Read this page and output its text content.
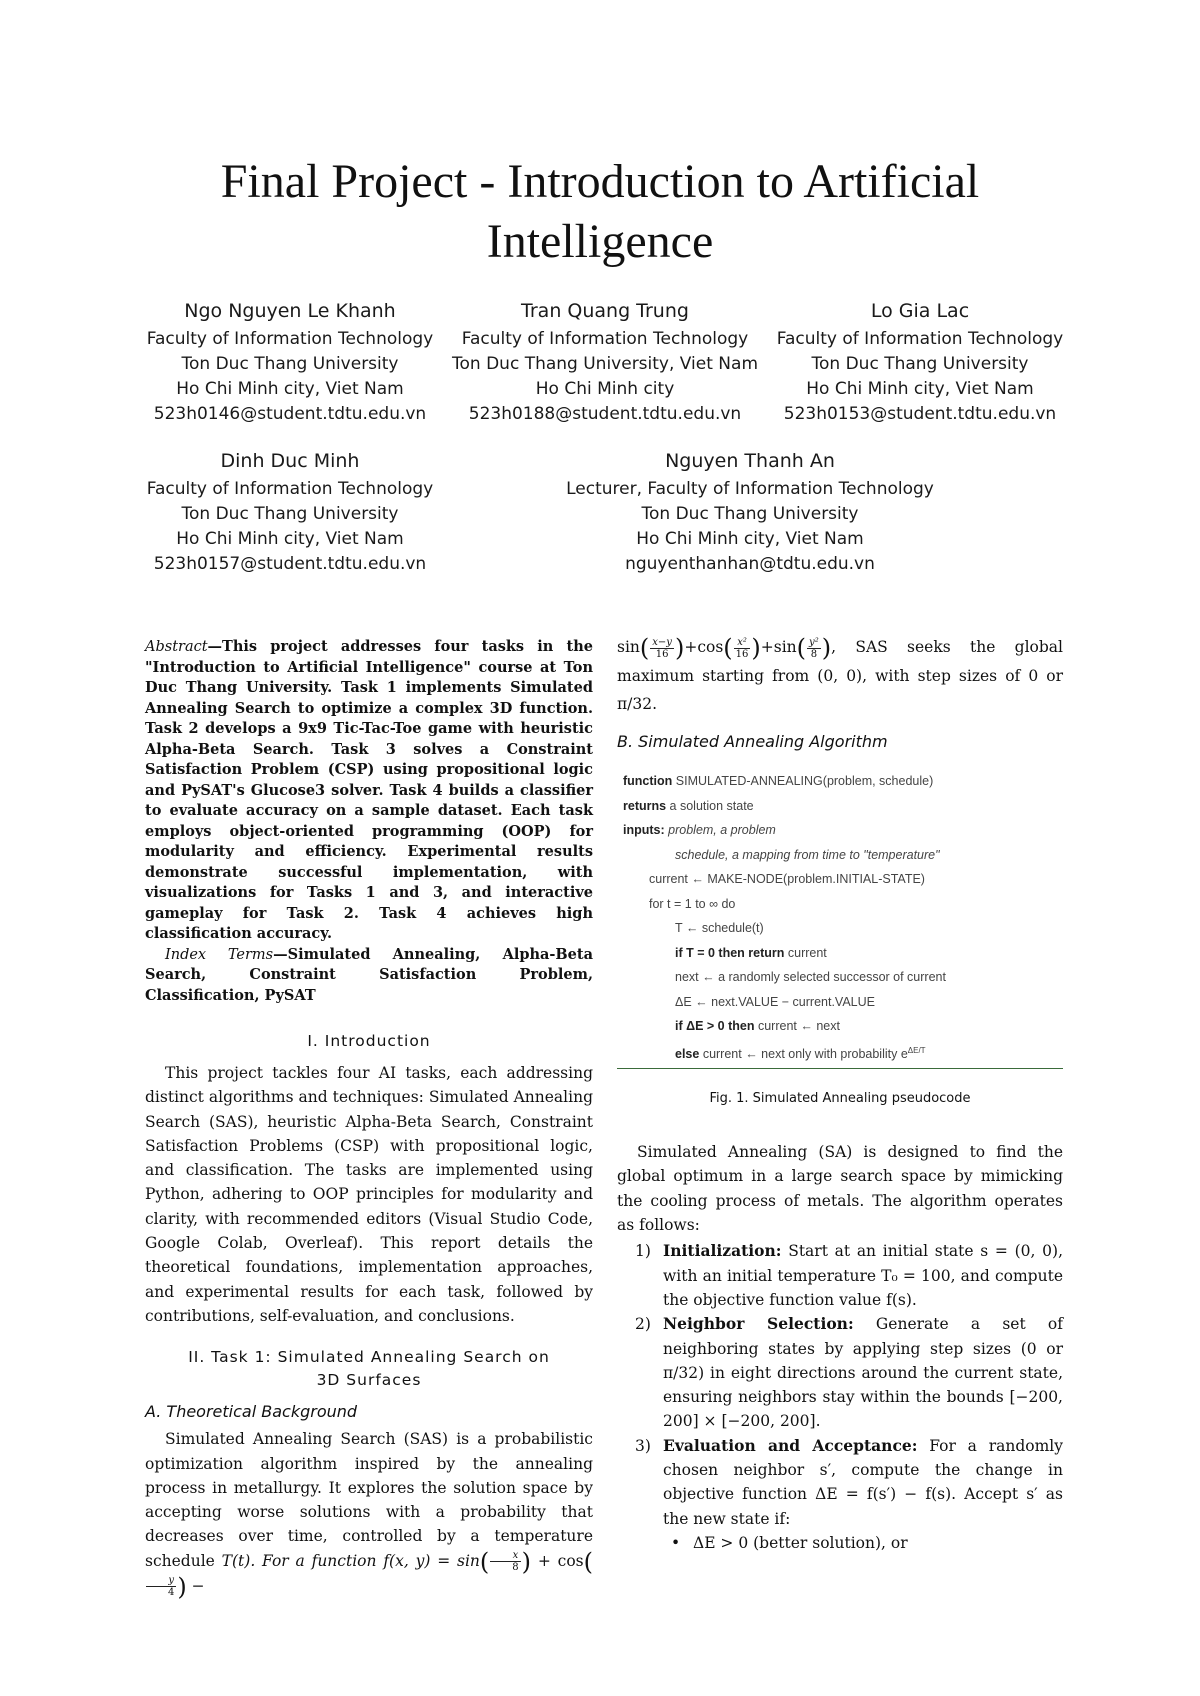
Final Project - Introduction to Artificial
Intelligence
Ngo Nguyen Le Khanh
Faculty of Information Technology
Ton Duc Thang University
Ho Chi Minh city, Viet Nam
523h0146@student.tdtu.edu.vn
Tran Quang Trung
Faculty of Information Technology
Ton Duc Thang University, Viet Nam
Ho Chi Minh city
523h0188@student.tdtu.edu.vn
Lo Gia Lac
Faculty of Information Technology
Ton Duc Thang University
Ho Chi Minh city, Viet Nam
523h0153@student.tdtu.edu.vn
Dinh Duc Minh
Faculty of Information Technology
Ton Duc Thang University
Ho Chi Minh city, Viet Nam
523h0157@student.tdtu.edu.vn
Nguyen Thanh An
Lecturer, Faculty of Information Technology
Ton Duc Thang University
Ho Chi Minh city, Viet Nam
nguyenthanhan@tdtu.edu.vn
Abstract—This project addresses four tasks in the "Introduction to Artificial Intelligence" course at Ton Duc Thang University. Task 1 implements Simulated Annealing Search to optimize a complex 3D function. Task 2 develops a 9x9 Tic-Tac-Toe game with heuristic Alpha-Beta Search. Task 3 solves a Constraint Satisfaction Problem (CSP) using propositional logic and PySAT's Glucose3 solver. Task 4 builds a classifier to evaluate accuracy on a sample dataset. Each task employs object-oriented programming (OOP) for modularity and efficiency. Experimental results demonstrate successful implementation, with visualizations for Tasks 1 and 3, and interactive gameplay for Task 2. Task 4 achieves high classification accuracy.
Index Terms—Simulated Annealing, Alpha-Beta Search, Constraint Satisfaction Problem, Classification, PySAT
I. Introduction
This project tackles four AI tasks, each addressing distinct algorithms and techniques: Simulated Annealing Search (SAS), heuristic Alpha-Beta Search, Constraint Satisfaction Problems (CSP) with propositional logic, and classification. The tasks are implemented using Python, adhering to OOP principles for modularity and clarity, with recommended editors (Visual Studio Code, Google Colab, Overleaf). This report details the theoretical foundations, implementation approaches, and experimental results for each task, followed by contributions, self-evaluation, and conclusions.
II. Task 1: Simulated Annealing Search on
3D Surfaces
A. Theoretical Background
Simulated Annealing Search (SAS) is a probabilistic optimization algorithm inspired by the annealing process in metallurgy. It explores the solution space by accepting worse solutions with a probability that decreases over time, controlled by a temperature schedule T(t). For a function f(x, $y) = \sin( \frac{x}{8}$ ) + cos(
$\frac{y}{4}$ ) −
$\sin( \frac{x-y}{16} )+\cos( \frac{\text{x²}}{16} )+\sin( \frac{\text{y²}}{8}$ ), SAS seeks the global maximum starting from (0, 0), with step sizes of 0 or π/32.
B. Simulated Annealing Algorithm
function SIMULATED-ANNEALING(problem, schedule)
returns a solution state
inputs: problem, a problem
schedule, a mapping from time to "temperature"
current ← MAKE-NODE(problem.INITIAL-STATE)
for t = 1 to ∞ do
T ← schedule(t)
if T = 0 then return current
next ← a randomly selected successor of current
ΔE ← next.VALUE − current.VALUE
if ΔE > 0 then current ← next
else current ← next only with probability $e^{\Delta E/T}$
Fig. 1. Simulated Annealing pseudocode
Simulated Annealing (SA) is designed to find the global optimum in a large search space by mimicking the cooling process of metals. The algorithm operates as follows:
1) Initialization: Start at an initial state s = (0, 0), with an initial temperature T₀ = 100, and compute the objective function value f(s).
2) Neighbor Selection: Generate a set of neighboring states by applying step sizes (0 or π/32) in eight directions around the current state, ensuring neighbors stay within the bounds [−200, 200] × [−200, 200].
3) Evaluation and Acceptance: For a randomly chosen neighbor s′, compute the change in objective function ΔE = f(s′) − f(s). Accept s′ as the new state if:
• ΔE > 0 (better solution), or
